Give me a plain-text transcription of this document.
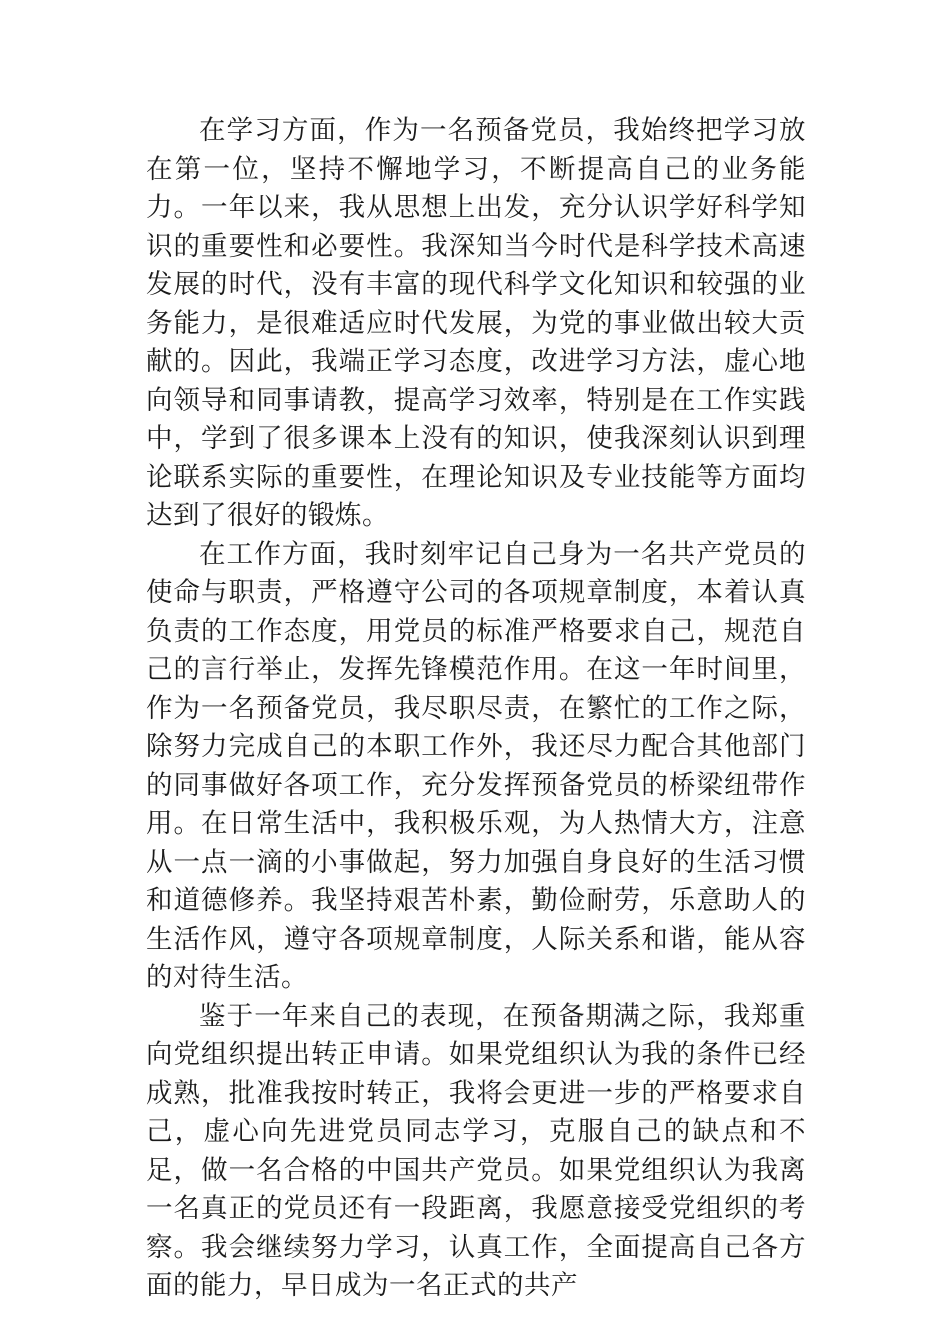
在学习方面，作为一名预备党员，我始终把学习放在第一位，坚持不懈地学习，不断提高自己的业务能力。一年以来，我从思想上出发，充分认识学好科学知识的重要性和必要性。我深知当今时代是科学技术高速发展的时代，没有丰富的现代科学文化知识和较强的业务能力，是很难适应时代发展，为党的事业做出较大贡献的。因此，我端正学习态度，改进学习方法，虚心地向领导和同事请教，提高学习效率，特别是在工作实践中，学到了很多课本上没有的知识，使我深刻认识到理论联系实际的重要性，在理论知识及专业技能等方面均达到了很好的锻炼。

在工作方面，我时刻牢记自己身为一名共产党员的使命与职责，严格遵守公司的各项规章制度，本着认真负责的工作态度，用党员的标准严格要求自己，规范自己的言行举止，发挥先锋模范作用。在这一年时间里，作为一名预备党员，我尽职尽责，在繁忙的工作之际，除努力完成自己的本职工作外，我还尽力配合其他部门的同事做好各项工作，充分发挥预备党员的桥梁纽带作用。在日常生活中，我积极乐观，为人热情大方，注意从一点一滴的小事做起，努力加强自身良好的生活习惯和道德修养。我坚持艰苦朴素，勤俭耐劳，乐意助人的生活作风，遵守各项规章制度，人际关系和谐，能从容的对待生活。

鉴于一年来自己的表现，在预备期满之际，我郑重向党组织提出转正申请。如果党组织认为我的条件已经成熟，批准我按时转正，我将会更进一步的严格要求自己，虚心向先进党员同志学习，克服自己的缺点和不足，做一名合格的中国共产党员。如果党组织认为我离一名真正的党员还有一段距离，我愿意接受党组织的考察。我会继续努力学习，认真工作，全面提高自己各方面的能力，早日成为一名正式的共产
